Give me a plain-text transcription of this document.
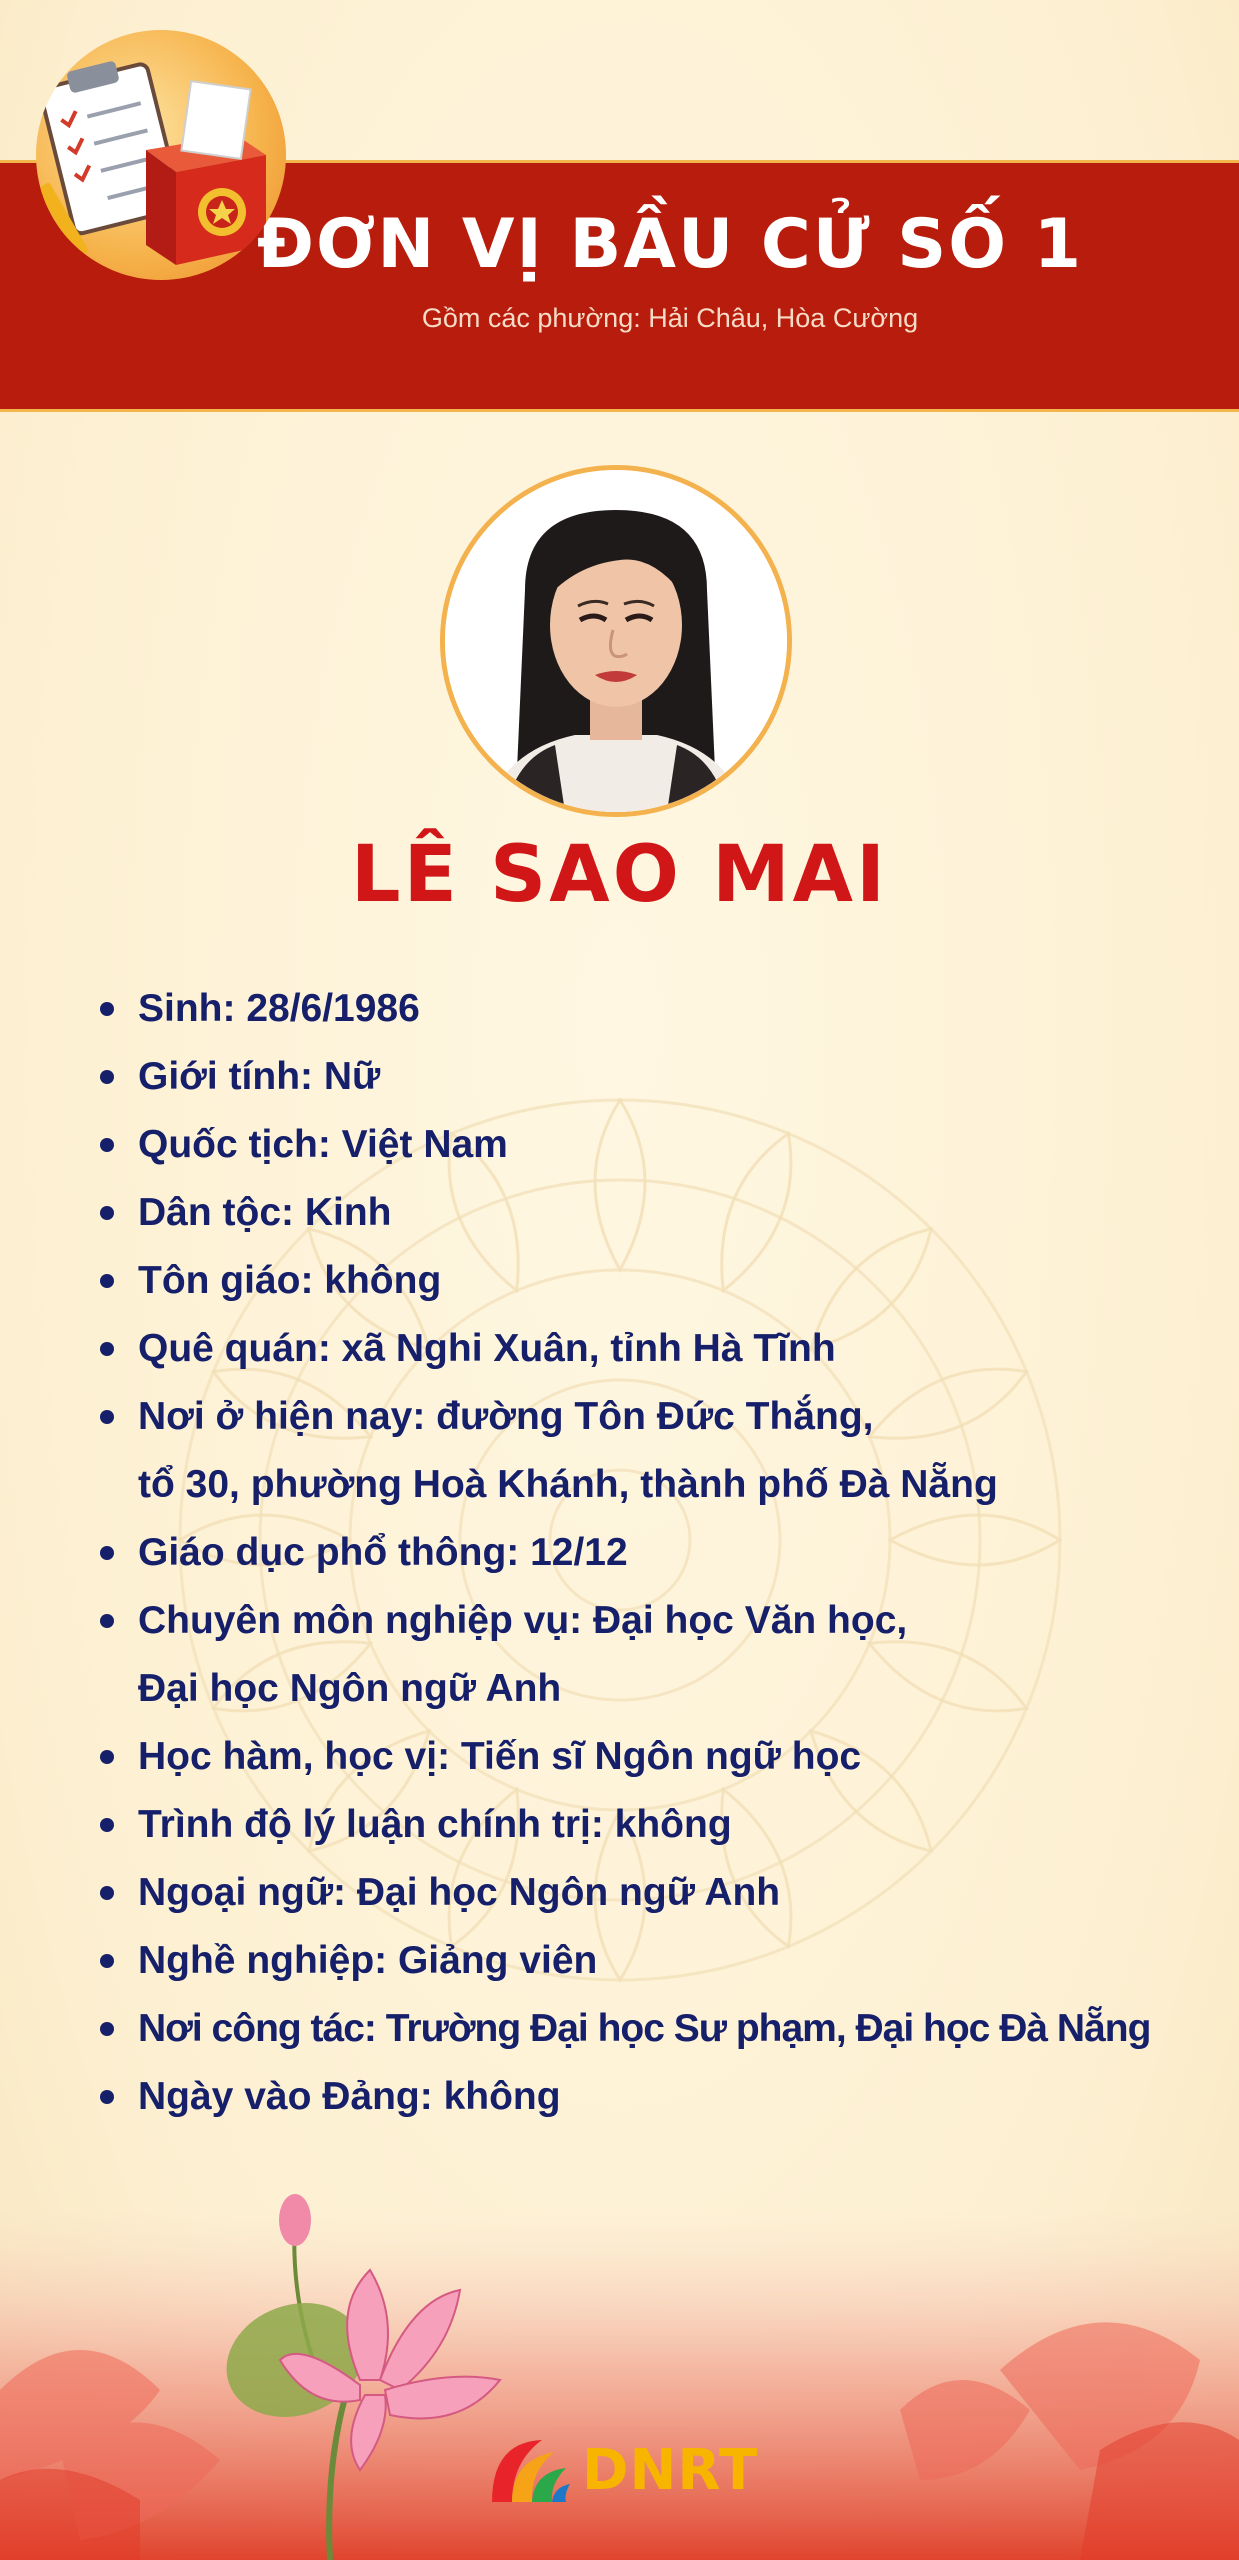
ĐƠN VỊ BẦU CỬ SỐ 1
Gồm các phường: Hải Châu, Hòa Cường
LÊ SAO MAI
Sinh: 28/6/1986
Giới tính: Nữ
Quốc tịch: Việt Nam
Dân tộc: Kinh
Tôn giáo: không
Quê quán: xã Nghi Xuân, tỉnh Hà Tĩnh
Nơi ở hiện nay: đường Tôn Đức Thắng,
tổ 30, phường Hoà Khánh, thành phố Đà Nẵng
Giáo dục phổ thông: 12/12
Chuyên môn nghiệp vụ: Đại học Văn học,
Đại học Ngôn ngữ Anh
Học hàm, học vị: Tiến sĩ Ngôn ngữ học
Trình độ lý luận chính trị: không
Ngoại ngữ: Đại học Ngôn ngữ Anh
Nghề nghiệp: Giảng viên
Nơi công tác: Trường Đại học Sư phạm, Đại học Đà Nẵng
Ngày vào Đảng: không
DNRT
